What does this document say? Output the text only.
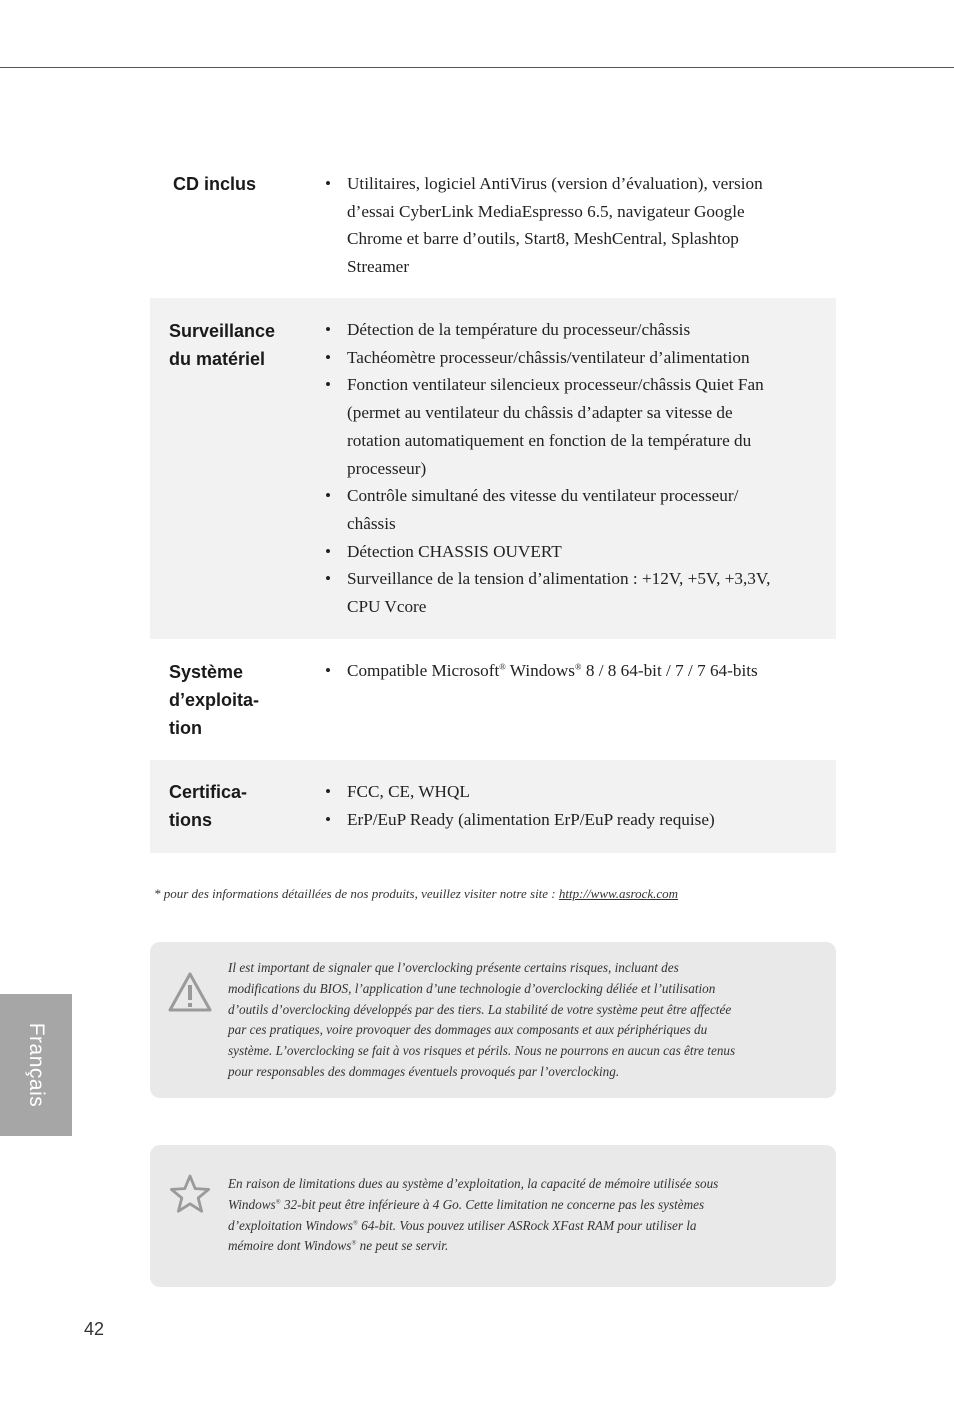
CD inclus	• Utilitaires, logiciel AntiVirus (version d’évaluation), version d’essai CyberLink MediaEspresso 6.5, navigateur Google Chrome et barre d’outils, Start8, MeshCentral, Splashtop Streamer
Surveillance
du matériel
• Détection de la température du processeur/châssis
• Tachéomètre processeur/châssis/ventilateur d’alimentation
• Fonction ventilateur silencieux processeur/châssis Quiet Fan (permet au ventilateur du châssis d’adapter sa vitesse de rotation automatiquement en fonction de la température du processeur)
• Contrôle simultané des vitesse du ventilateur processeur/ châssis
• Détection CHASSIS OUVERT
• Surveillance de la tension d’alimentation : +12V, +5V, +3,3V, CPU Vcore
Système
d’exploita-
tion
• Compatible Microsoft® Windows® 8 / 8 64-bit / 7 / 7 64-bits
Certifica-
tions
• FCC, CE, WHQL
• ErP/EuP Ready (alimentation ErP/EuP ready requise)
* pour des informations détaillées de nos produits, veuillez visiter notre site : http://www.asrock.com

Il est important de signaler que l’overclocking présente certains risques, incluant des

modifications du BIOS, l’application d’une technologie d’overclocking déliée et l’utilisation

d’outils d’overclocking développés par des tiers. La stabilité de votre système peut être affectée

par ces pratiques, voire provoquer des dommages aux composants et aux périphériques du

système. L’overclocking se fait à vos risques et périls. Nous ne pourrons en aucun cas être tenus

pour responsables des dommages éventuels provoqués par l’overclocking.

En raison de limitations dues au système d’exploitation, la capacité de mémoire utilisée sous

Windows® 32-bit peut être inférieure à 4 Go. Cette limitation ne concerne pas les systèmes

d’exploitation Windows® 64-bit. Vous pouvez utiliser ASRock XFast RAM pour utiliser la

mémoire dont Windows® ne peut se servir.

Français
42
